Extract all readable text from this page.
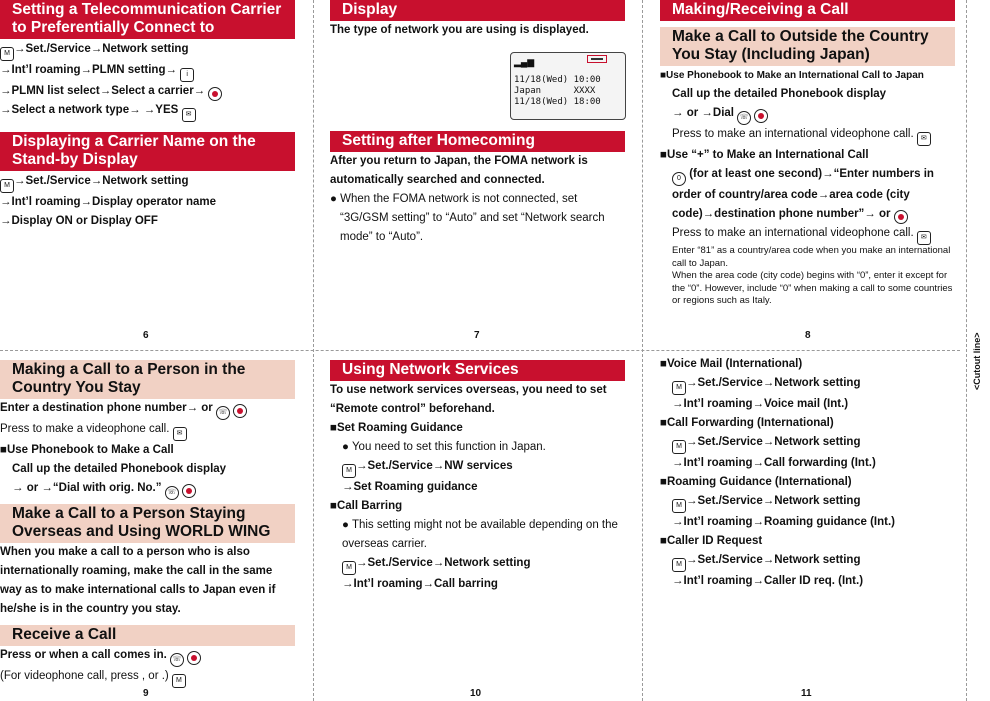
<Cutout line>
Setting a Telecommunication Carrier to Preferentially Connect to
M →Set./Service→Network setting
→Int’l roaming→PLMN setting→ i
→PLMN list select→Select a carrier→
→Select a network type→ →YES ✉
Displaying a Carrier Name on the Stand-by Display
M →Set./Service→Network setting
→Int’l roaming→Display operator name
→Display ON or Display OFF
6
Display
The type of network you are using is displayed.
▂▄▆
11/18(Wed) 10:00
Japan      XXXX
11/18(Wed) 18:00
Setting after Homecoming
After you return to Japan, the FOMA network is automatically searched and connected.
● When the FOMA network is not connected, set “3G/GSM setting” to “Auto” and set “Network search mode” to “Auto”.
7
Making/Receiving a Call
Make a Call to Outside the Country You Stay (Including Japan)
■Use Phonebook to Make an International Call to Japan
Call up the detailed Phonebook display
→ or →Dial ☏
Press to make an international videophone call. ✉
■Use “+” to Make an International Call
0 (for at least one second)→“Enter numbers in order of country/area code→area code (city code)→destination phone number”→ or
Press to make an international videophone call. ✉
Enter “81” as a country/area code when you make an international call to Japan.
When the area code (city code) begins with “0”, enter it except for the “0”. However, include “0” when making a call to some countries or regions such as Italy.
8
Making a Call to a Person in the Country You Stay
Enter a destination phone number→ or ☏
Press to make a videophone call. ✉
■Use Phonebook to Make a Call
Call up the detailed Phonebook display
→ or →“Dial with orig. No.” ☏
Make a Call to a Person Staying Overseas and Using WORLD WING
When you make a call to a person who is also internationally roaming, make the call in the same way as to make international calls to Japan even if he/she is in the country you stay.
Receive a Call
Press or when a call comes in. ☏
(For videophone call, press , or .) M
9
Using Network Services
To use network services overseas, you need to set “Remote control” beforehand.
■Set Roaming Guidance
● You need to set this function in Japan.
M →Set./Service→NW services
→Set Roaming guidance
■Call Barring
● This setting might not be available depending on the overseas carrier.
M →Set./Service→Network setting
→Int’l roaming→Call barring
10
■Voice Mail (International)
M →Set./Service→Network setting
→Int’l roaming→Voice mail (Int.)
■Call Forwarding (International)
M →Set./Service→Network setting
→Int’l roaming→Call forwarding (Int.)
■Roaming Guidance (International)
M →Set./Service→Network setting
→Int’l roaming→Roaming guidance (Int.)
■Caller ID Request
M →Set./Service→Network setting
→Int’l roaming→Caller ID req. (Int.)
11
